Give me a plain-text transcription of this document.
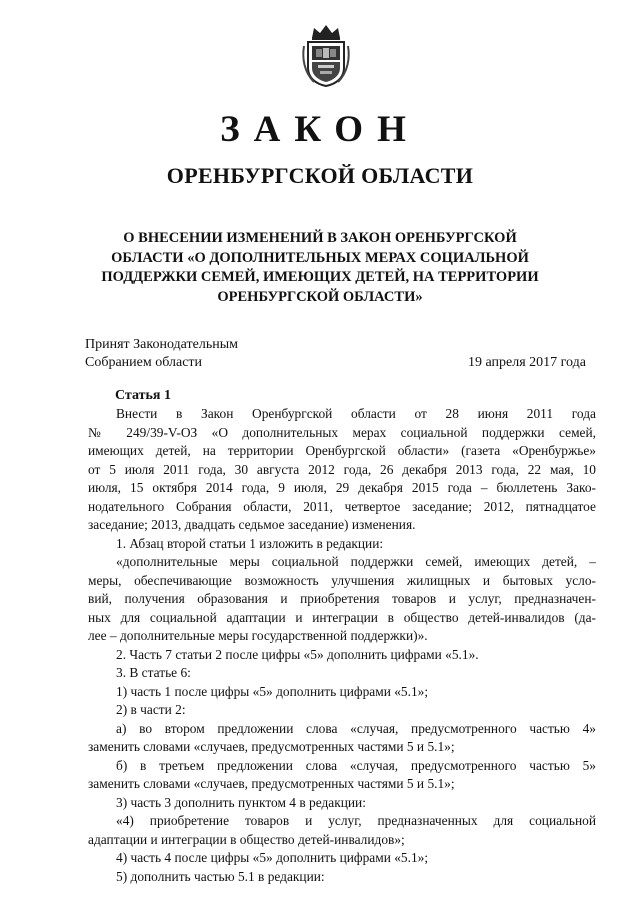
ЗАКОН
ОРЕНБУРГСКОЙ ОБЛАСТИ
О ВНЕСЕНИИ ИЗМЕНЕНИЙ В ЗАКОН ОРЕНБУРГСКОЙ
ОБЛАСТИ «О ДОПОЛНИТЕЛЬНЫХ МЕРАХ СОЦИАЛЬНОЙ
ПОДДЕРЖКИ СЕМЕЙ, ИМЕЮЩИХ ДЕТЕЙ, НА ТЕРРИТОРИИ
ОРЕНБУРГСКОЙ ОБЛАСТИ»
Принят Законодательным
Собранием области	19 апреля 2017 года
Статья 1
Внести в Закон Оренбургской области от 28 июня 2011 года
№ 249/39-V-ОЗ «О дополнительных мерах социальной поддержки семей,
имеющих детей, на территории Оренбургской области» (газета «Оренбуржье»
от 5 июля 2011 года, 30 августа 2012 года, 26 декабря 2013 года, 22 мая, 10
июля, 15 октября 2014 года, 9 июля, 29 декабря 2015 года – бюллетень Зако-
нодательного Собрания области, 2011, четвертое заседание; 2012, пятнадцатое
заседание; 2013, двадцать седьмое заседание) изменения.
1. Абзац второй статьи 1 изложить в редакции:
«дополнительные меры социальной поддержки семей, имеющих детей, –
меры, обеспечивающие возможность улучшения жилищных и бытовых усло-
вий, получения образования и приобретения товаров и услуг, предназначен-
ных для социальной адаптации и интеграции в общество детей-инвалидов (да-
лее – дополнительные меры государственной поддержки)».
2. Часть 7 статьи 2 после цифры «5» дополнить цифрами «5.1».
3. В статье 6:
1) часть 1 после цифры «5» дополнить цифрами «5.1»;
2) в части 2:
а) во втором предложении слова «случая, предусмотренного частью 4»
заменить словами «случаев, предусмотренных частями 5 и 5.1»;
б) в третьем предложении слова «случая, предусмотренного частью 5»
заменить словами «случаев, предусмотренных частями 5 и 5.1»;
3) часть 3 дополнить пунктом 4 в редакции:
«4) приобретение товаров и услуг, предназначенных для социальной
адаптации и интеграции в общество детей-инвалидов»;
4) часть 4 после цифры «5» дополнить цифрами «5.1»;
5) дополнить частью 5.1 в редакции:
